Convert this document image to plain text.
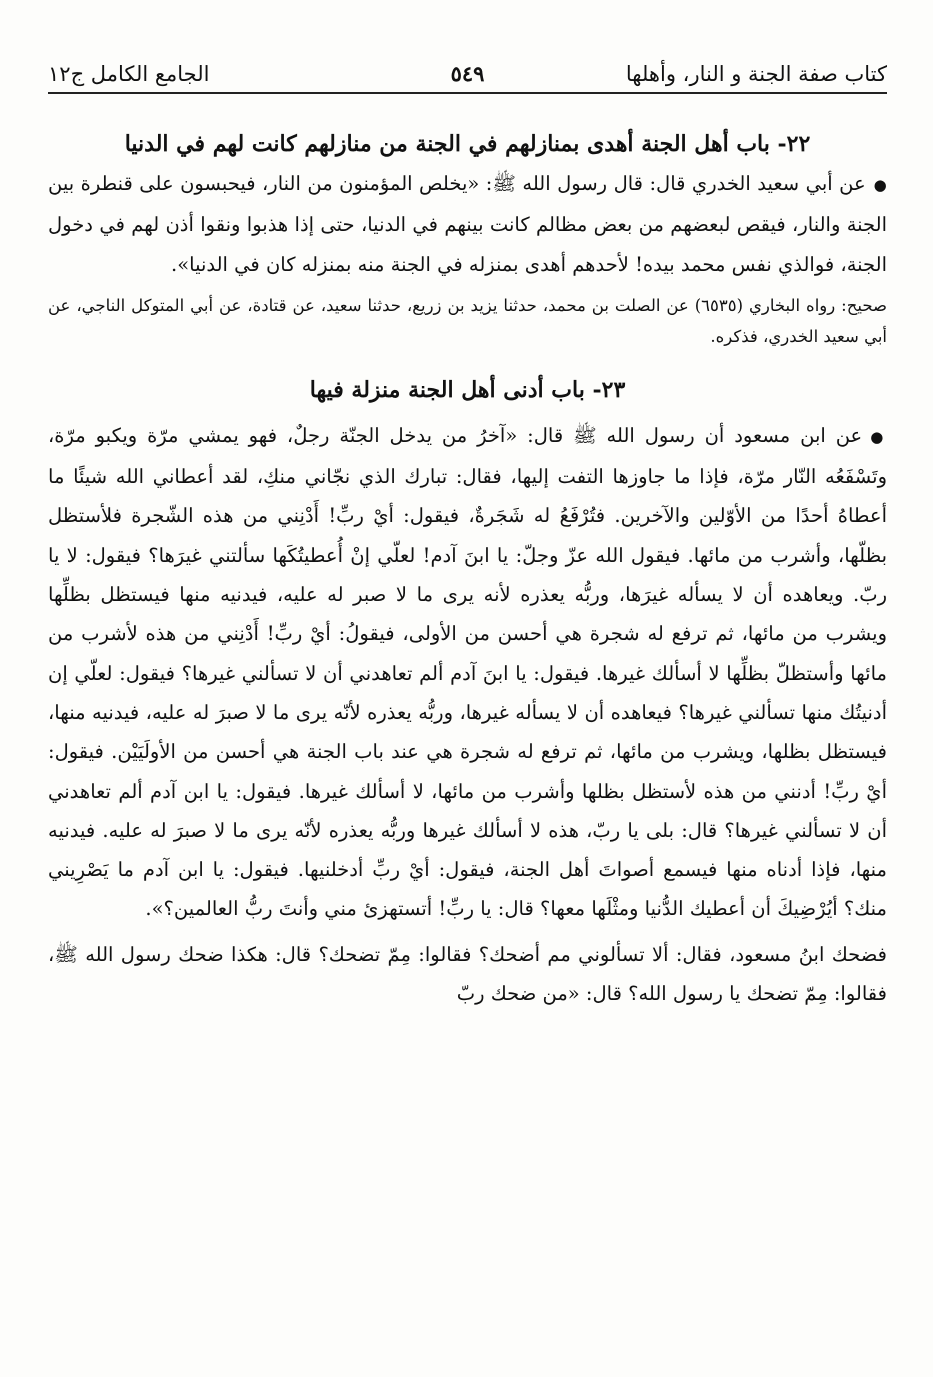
كتاب صفة الجنة و النار، وأهلها
٥٤٩
الجامع الكامل ج١٢
٢٢- باب أهل الجنة أهدى بمنازلهم في الجنة من منازلهم كانت لهم في الدنيا

●عن أبي سعيد الخدري قال: قال رسول الله ﷺ: «يخلص المؤمنون من النار، فيحبسون على قنطرة بين الجنة والنار، فيقص لبعضهم من بعض مظالم كانت بينهم في الدنيا، حتى إذا هذبوا ونقوا أذن لهم في دخول الجنة، فوالذي نفس محمد بيده! لأحدهم أهدى بمنزله في الجنة منه بمنزله كان في الدنيا».

صحيح: رواه البخاري (٦٥٣٥) عن الصلت بن محمد، حدثنا يزيد بن زريع، حدثنا سعيد، عن قتادة، عن أبي المتوكل الناجي، عن أبي سعيد الخدري، فذكره.

٢٣- باب أدنى أهل الجنة منزلة فيها

●عن ابن مسعود أن رسول الله ﷺ قال: «آخرُ من يدخل الجنّة رجلٌ، فهو يمشي مرّة ويكبو مرّة، وتَسْفَعُه النّار مرّة، فإذا ما جاوزها التفت إليها، فقال: تبارك الذي نجّاني منكِ، لقد أعطاني الله شيئًا ما أعطاهُ أحدًا من الأوّلين والآخرين. فتُرْفَعُ له شَجَرةٌ، فيقول: أيْ ربِّ! أَدْنِني من هذه الشّجرة فلأستظل بظلّها، وأشرب من مائها. فيقول الله عزّ وجلّ: يا ابنَ آدم! لعلّي إنْ أُعطيتُكَها سألتني غيرَها؟ فيقول: لا يا ربّ. ويعاهده أن لا يسأله غيرَها، وربُّه يعذره لأنه يرى ما لا صبر له عليه، فيدنيه منها فيستظل بظلِّها ويشرب من مائها، ثم ترفع له شجرة هي أحسن من الأولى، فيقولُ: أيْ ربِّ! أَدْنِني من هذه لأشرب من مائها وأستظلّ بظلِّها لا أسألك غيرها. فيقول: يا ابنَ آدم ألم تعاهدني أن لا تسألني غيرها؟ فيقول: لعلّي إن أدنيتُك منها تسألني غيرها؟ فيعاهده أن لا يسأله غيرها، وربُّه يعذره لأنّه يرى ما لا صبرَ له عليه، فيدنيه منها، فيستظل بظلها، ويشرب من مائها، ثم ترفع له شجرة هي عند باب الجنة هي أحسن من الأولَيَيْن. فيقول: أيْ ربِّ! أدنني من هذه لأستظل بظلها وأشرب من مائها، لا أسألك غيرها. فيقول: يا ابن آدم ألم تعاهدني أن لا تسألني غيرها؟ قال: بلى يا ربّ، هذه لا أسألك غيرها وربُّه يعذره لأنّه يرى ما لا صبرَ له عليه. فيدنيه منها، فإذا أدناه منها فيسمع أصواتَ أهل الجنة، فيقول: أيْ ربِّ أدخلنيها. فيقول: يا ابن آدم ما يَصْرِيني منك؟ أيُرْضِيكَ أن أعطيك الدُّنيا ومثْلَها معها؟ قال: يا ربِّ! أتستهزئ مني وأنتَ ربُّ العالمين؟».

فضحك ابنُ مسعود، فقال: ألا تسألوني مم أضحك؟ فقالوا: مِمّ تضحك؟ قال: هكذا ضحك رسول الله ﷺ، فقالوا: مِمّ تضحك يا رسول الله؟ قال: «من ضحك ربّ
